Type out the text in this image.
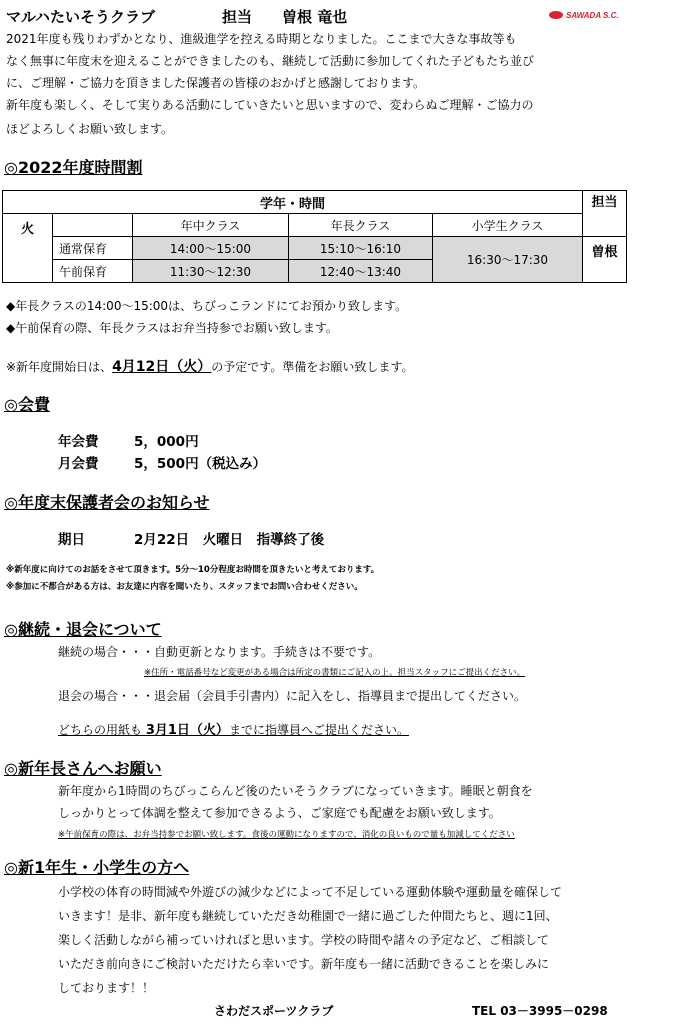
マルハたいそうクラブ	担当　　曽根 竜也	SAWADA S.C.
2021年度も残りわずかとなり、進級進学を控える時期となりました。ここまで大きな事故等も
なく無事に年度末を迎えることができましたのも、継続して活動に参加してくれた子どもたち並び
に、ご理解・ご協力を頂きました保護者の皆様のおかげと感謝しております。
新年度も楽しく、そして実りある活動にしていきたいと思いますので、変わらぬご理解・ご協力の
ほどよろしくお願い致します。
◎2022年度時間割
学年・時間					担当
火		年中クラス	年長クラス	小学生クラス	
	通常保育	14:00～15:00	15:10～16:10	16:30～17:30	曽根
	午前保育	11:30～12:30	12:40～13:40		
◆年長クラスの14:00～15:00は、ちびっこランドにてお預かり致します。
◆午前保育の際、年長クラスはお弁当持参でお願い致します。
※新年度開始日は、4月12日（火）の予定です。準備をお願い致します。
◎会費
年会費	5，000円
月会費	5，500円（税込み）
◎年度末保護者会のお知らせ
期日	2月22日　火曜日　指導終了後
※新年度に向けてのお話をさせて頂きます。5分～10分程度お時間を頂きたいと考えております。
※参加に不都合がある方は、お友達に内容を聞いたり、スタッフまでお問い合わせください。
◎継続・退会について
継続の場合・・・自動更新となります。手続きは不要です。
※住所・電話番号など変更がある場合は所定の書類にご記入の上、担当スタッフにご提出ください。
退会の場合・・・退会届（会員手引書内）に記入をし、指導員まで提出してください。
どちらの用紙も 3月1日（火）までに指導員へご提出ください。
◎新年長さんへお願い
新年度から1時間のちびっこらんど後のたいそうクラブになっていきます。睡眠と朝食を
しっかりとって体調を整えて参加できるよう、ご家庭でも配慮をお願い致します。
※午前保育の際は、お弁当持参でお願い致します。食後の運動になりますので、消化の良いもので量も加減してください
◎新1年生・小学生の方へ
小学校の体育の時間減や外遊びの減少などによって不足している運動体験や運動量を確保して
いきます！是非、新年度も継続していただき幼稚園で一緒に過ごした仲間たちと、週に1回、
楽しく活動しながら補っていければと思います。学校の時間や諸々の予定など、ご相談して
いただき前向きにご検討いただけたら幸いです。新年度も一緒に活動できることを楽しみに
しております！！
さわだスポーツクラブ	TEL 03－3995－0298
